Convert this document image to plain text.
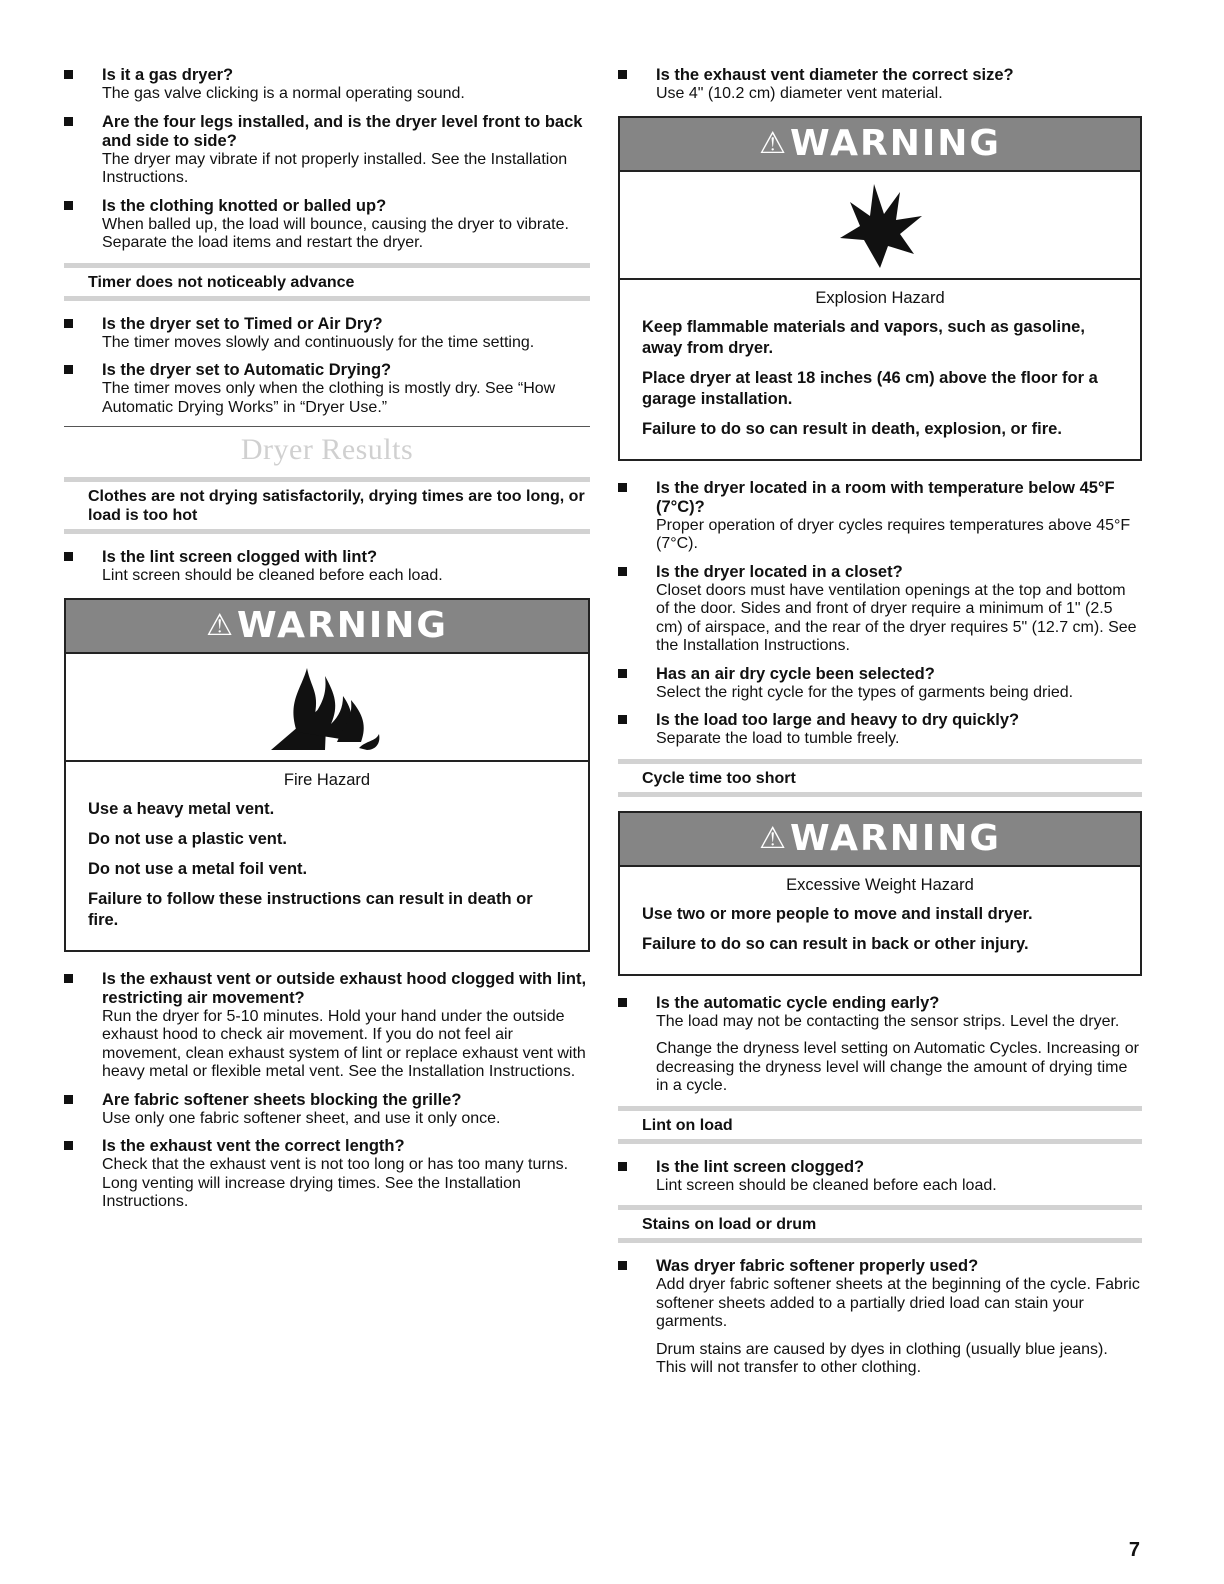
Is it a gas dryer?
The gas valve clicking is a normal operating sound.
Are the four legs installed, and is the dryer level front to back and side to side?
The dryer may vibrate if not properly installed. See the Installation Instructions.
Is the clothing knotted or balled up?
When balled up, the load will bounce, causing the dryer to vibrate. Separate the load items and restart the dryer.
Timer does not noticeably advance
Is the dryer set to Timed or Air Dry?
The timer moves slowly and continuously for the time setting.
Is the dryer set to Automatic Drying?
The timer moves only when the clothing is mostly dry. See “How Automatic Drying Works” in “Dryer Use.”
Dryer Results
Clothes are not drying satisfactorily, drying times are too long, or load is too hot
Is the lint screen clogged with lint?
Lint screen should be cleaned before each load.
⚠ WARNING
Fire Hazard

Use a heavy metal vent.

Do not use a plastic vent.

Do not use a metal foil vent.

Failure to follow these instructions can result in death or fire.

Is the exhaust vent or outside exhaust hood clogged with lint, restricting air movement?
Run the dryer for 5-10 minutes. Hold your hand under the outside exhaust hood to check air movement. If you do not feel air movement, clean exhaust system of lint or replace exhaust vent with heavy metal or flexible metal vent. See the Installation Instructions.
Are fabric softener sheets blocking the grille?
Use only one fabric softener sheet, and use it only once.
Is the exhaust vent the correct length?
Check that the exhaust vent is not too long or has too many turns. Long venting will increase drying times. See the Installation Instructions.
Is the exhaust vent diameter the correct size?
Use 4" (10.2 cm) diameter vent material.
⚠ WARNING
Explosion Hazard

Keep flammable materials and vapors, such as gasoline, away from dryer.

Place dryer at least 18 inches (46 cm) above the floor for a garage installation.

Failure to do so can result in death, explosion, or fire.

Is the dryer located in a room with temperature below 45°F (7°C)?
Proper operation of dryer cycles requires temperatures above 45°F (7°C).
Is the dryer located in a closet?
Closet doors must have ventilation openings at the top and bottom of the door. Sides and front of dryer require a minimum of 1" (2.5 cm) of airspace, and the rear of the dryer requires 5" (12.7 cm). See the Installation Instructions.
Has an air dry cycle been selected?
Select the right cycle for the types of garments being dried.
Is the load too large and heavy to dry quickly?
Separate the load to tumble freely.
Cycle time too short
⚠ WARNING
Excessive Weight Hazard

Use two or more people to move and install dryer.

Failure to do so can result in back or other injury.

Is the automatic cycle ending early?
The load may not be contacting the sensor strips. Level the dryer.
Change the dryness level setting on Automatic Cycles. Increasing or decreasing the dryness level will change the amount of drying time in a cycle.
Lint on load
Is the lint screen clogged?
Lint screen should be cleaned before each load.
Stains on load or drum
Was dryer fabric softener properly used?
Add dryer fabric softener sheets at the beginning of the cycle. Fabric softener sheets added to a partially dried load can stain your garments.
Drum stains are caused by dyes in clothing (usually blue jeans). This will not transfer to other clothing.
7
